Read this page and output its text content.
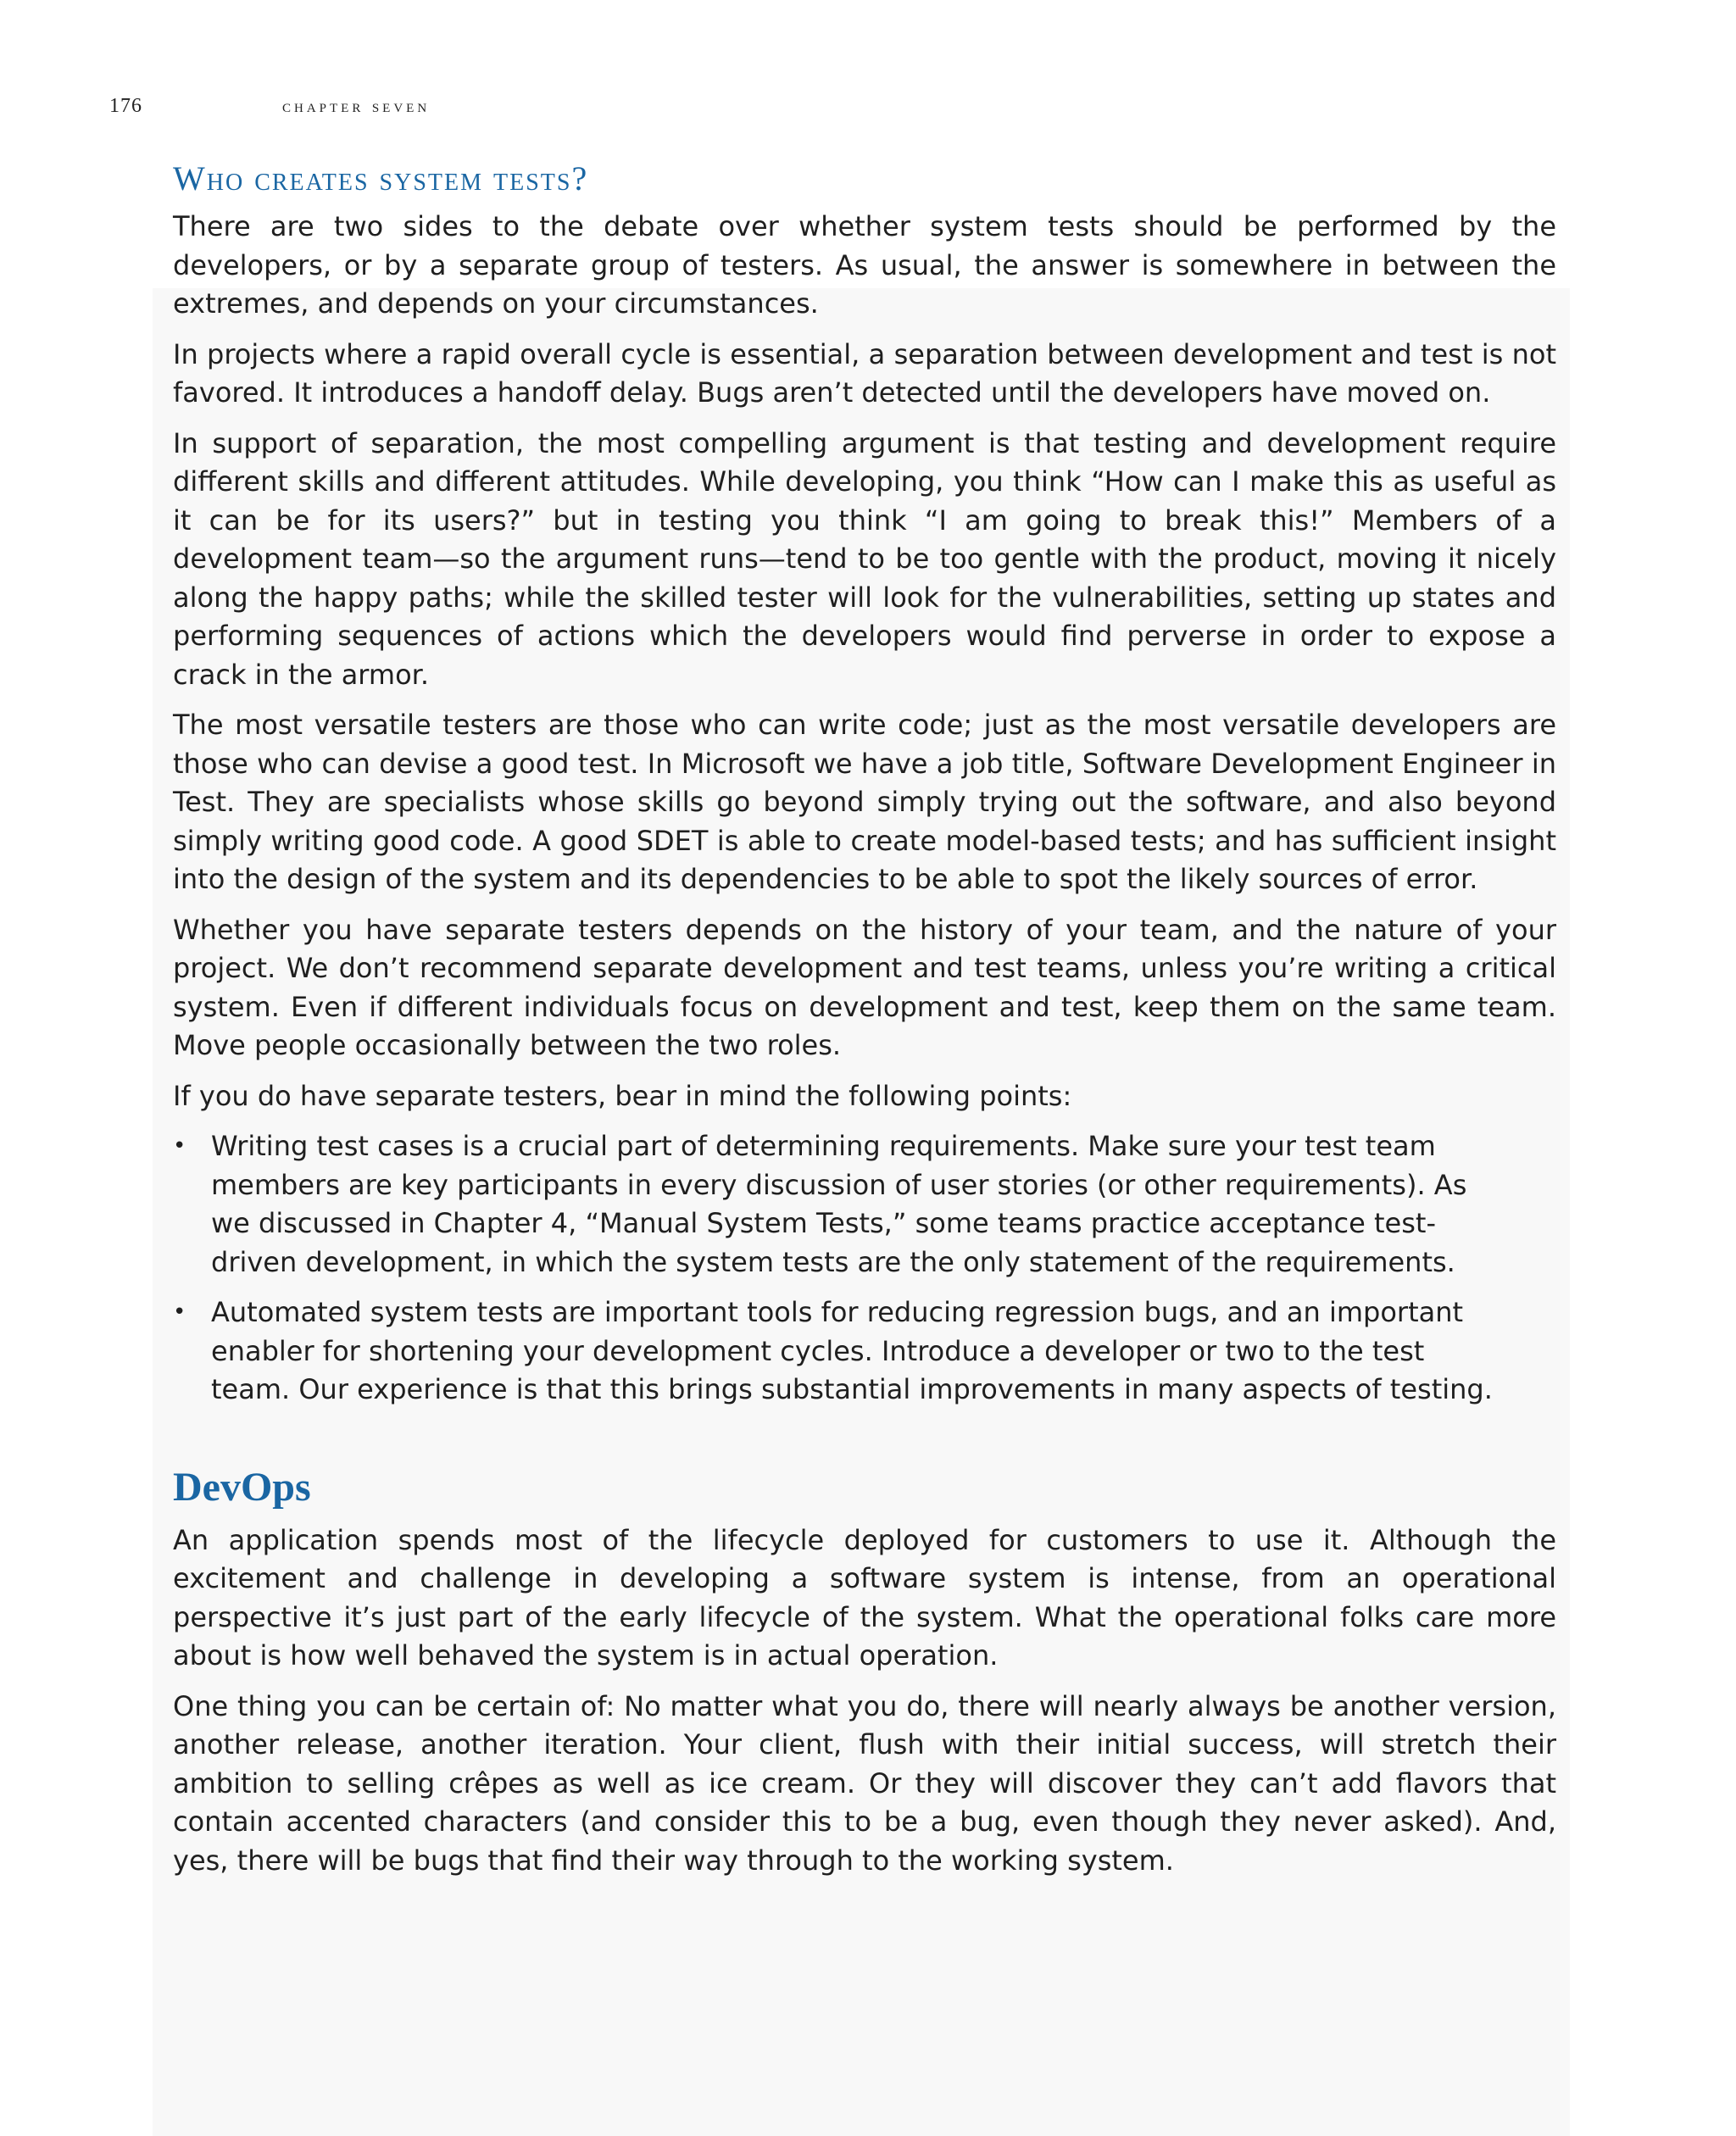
176	chapter seven
Who creates system tests?

There are two sides to the debate over whether system tests should be performed by the developers, or by a separate group of testers. As usual, the answer is somewhere in between the extremes, and depends on your circumstances.

In projects where a rapid overall cycle is essential, a separation between development and test is not favored. It introduces a handoff delay. Bugs aren’t detected until the developers have moved on.

In support of separation, the most compelling argument is that testing and development require different skills and different attitudes. While developing, you think “How can I make this as useful as it can be for its users?” but in testing you think “I am going to break this!” Members of a development team—so the argument runs—tend to be too gentle with the product, moving it nicely along the happy paths; while the skilled tester will look for the vulnerabilities, setting up states and performing sequences of actions which the developers would find perverse in order to expose a crack in the armor.

The most versatile testers are those who can write code; just as the most versatile developers are those who can devise a good test. In Microsoft we have a job title, Software Development Engineer in Test. They are specialists whose skills go beyond simply trying out the software, and also beyond simply writing good code. A good SDET is able to create model-based tests; and has sufficient insight into the design of the system and its dependencies to be able to spot the likely sources of error.

Whether you have separate testers depends on the history of your team, and the nature of your project. We don’t recommend separate development and test teams, unless you’re writing a critical system. Even if different individuals focus on development and test, keep them on the same team. Move people occasionally between the two roles.

If you do have separate testers, bear in mind the following points:

• Writing test cases is a crucial part of determining requirements. Make sure your test team members are key participants in every discussion of user stories (or other requirements). As we discussed in Chapter 4, “Manual System Tests,” some teams practice acceptance test-driven development, in which the system tests are the only statement of the requirements.
• Automated system tests are important tools for reducing regression bugs, and an important enabler for shortening your development cycles. Introduce a developer or two to the test team. Our experience is that this brings substantial improvements in many aspects of testing.
DevOps

An application spends most of the lifecycle deployed for customers to use it. Although the excitement and challenge in developing a software system is intense, from an operational perspective it’s just part of the early lifecycle of the system. What the operational folks care more about is how well behaved the system is in actual operation.

One thing you can be certain of: No matter what you do, there will nearly always be another version, another release, another iteration. Your client, flush with their initial success, will stretch their ambition to selling crêpes as well as ice cream. Or they will discover they can’t add flavors that contain accented characters (and consider this to be a bug, even though they never asked). And, yes, there will be bugs that find their way through to the working system.
